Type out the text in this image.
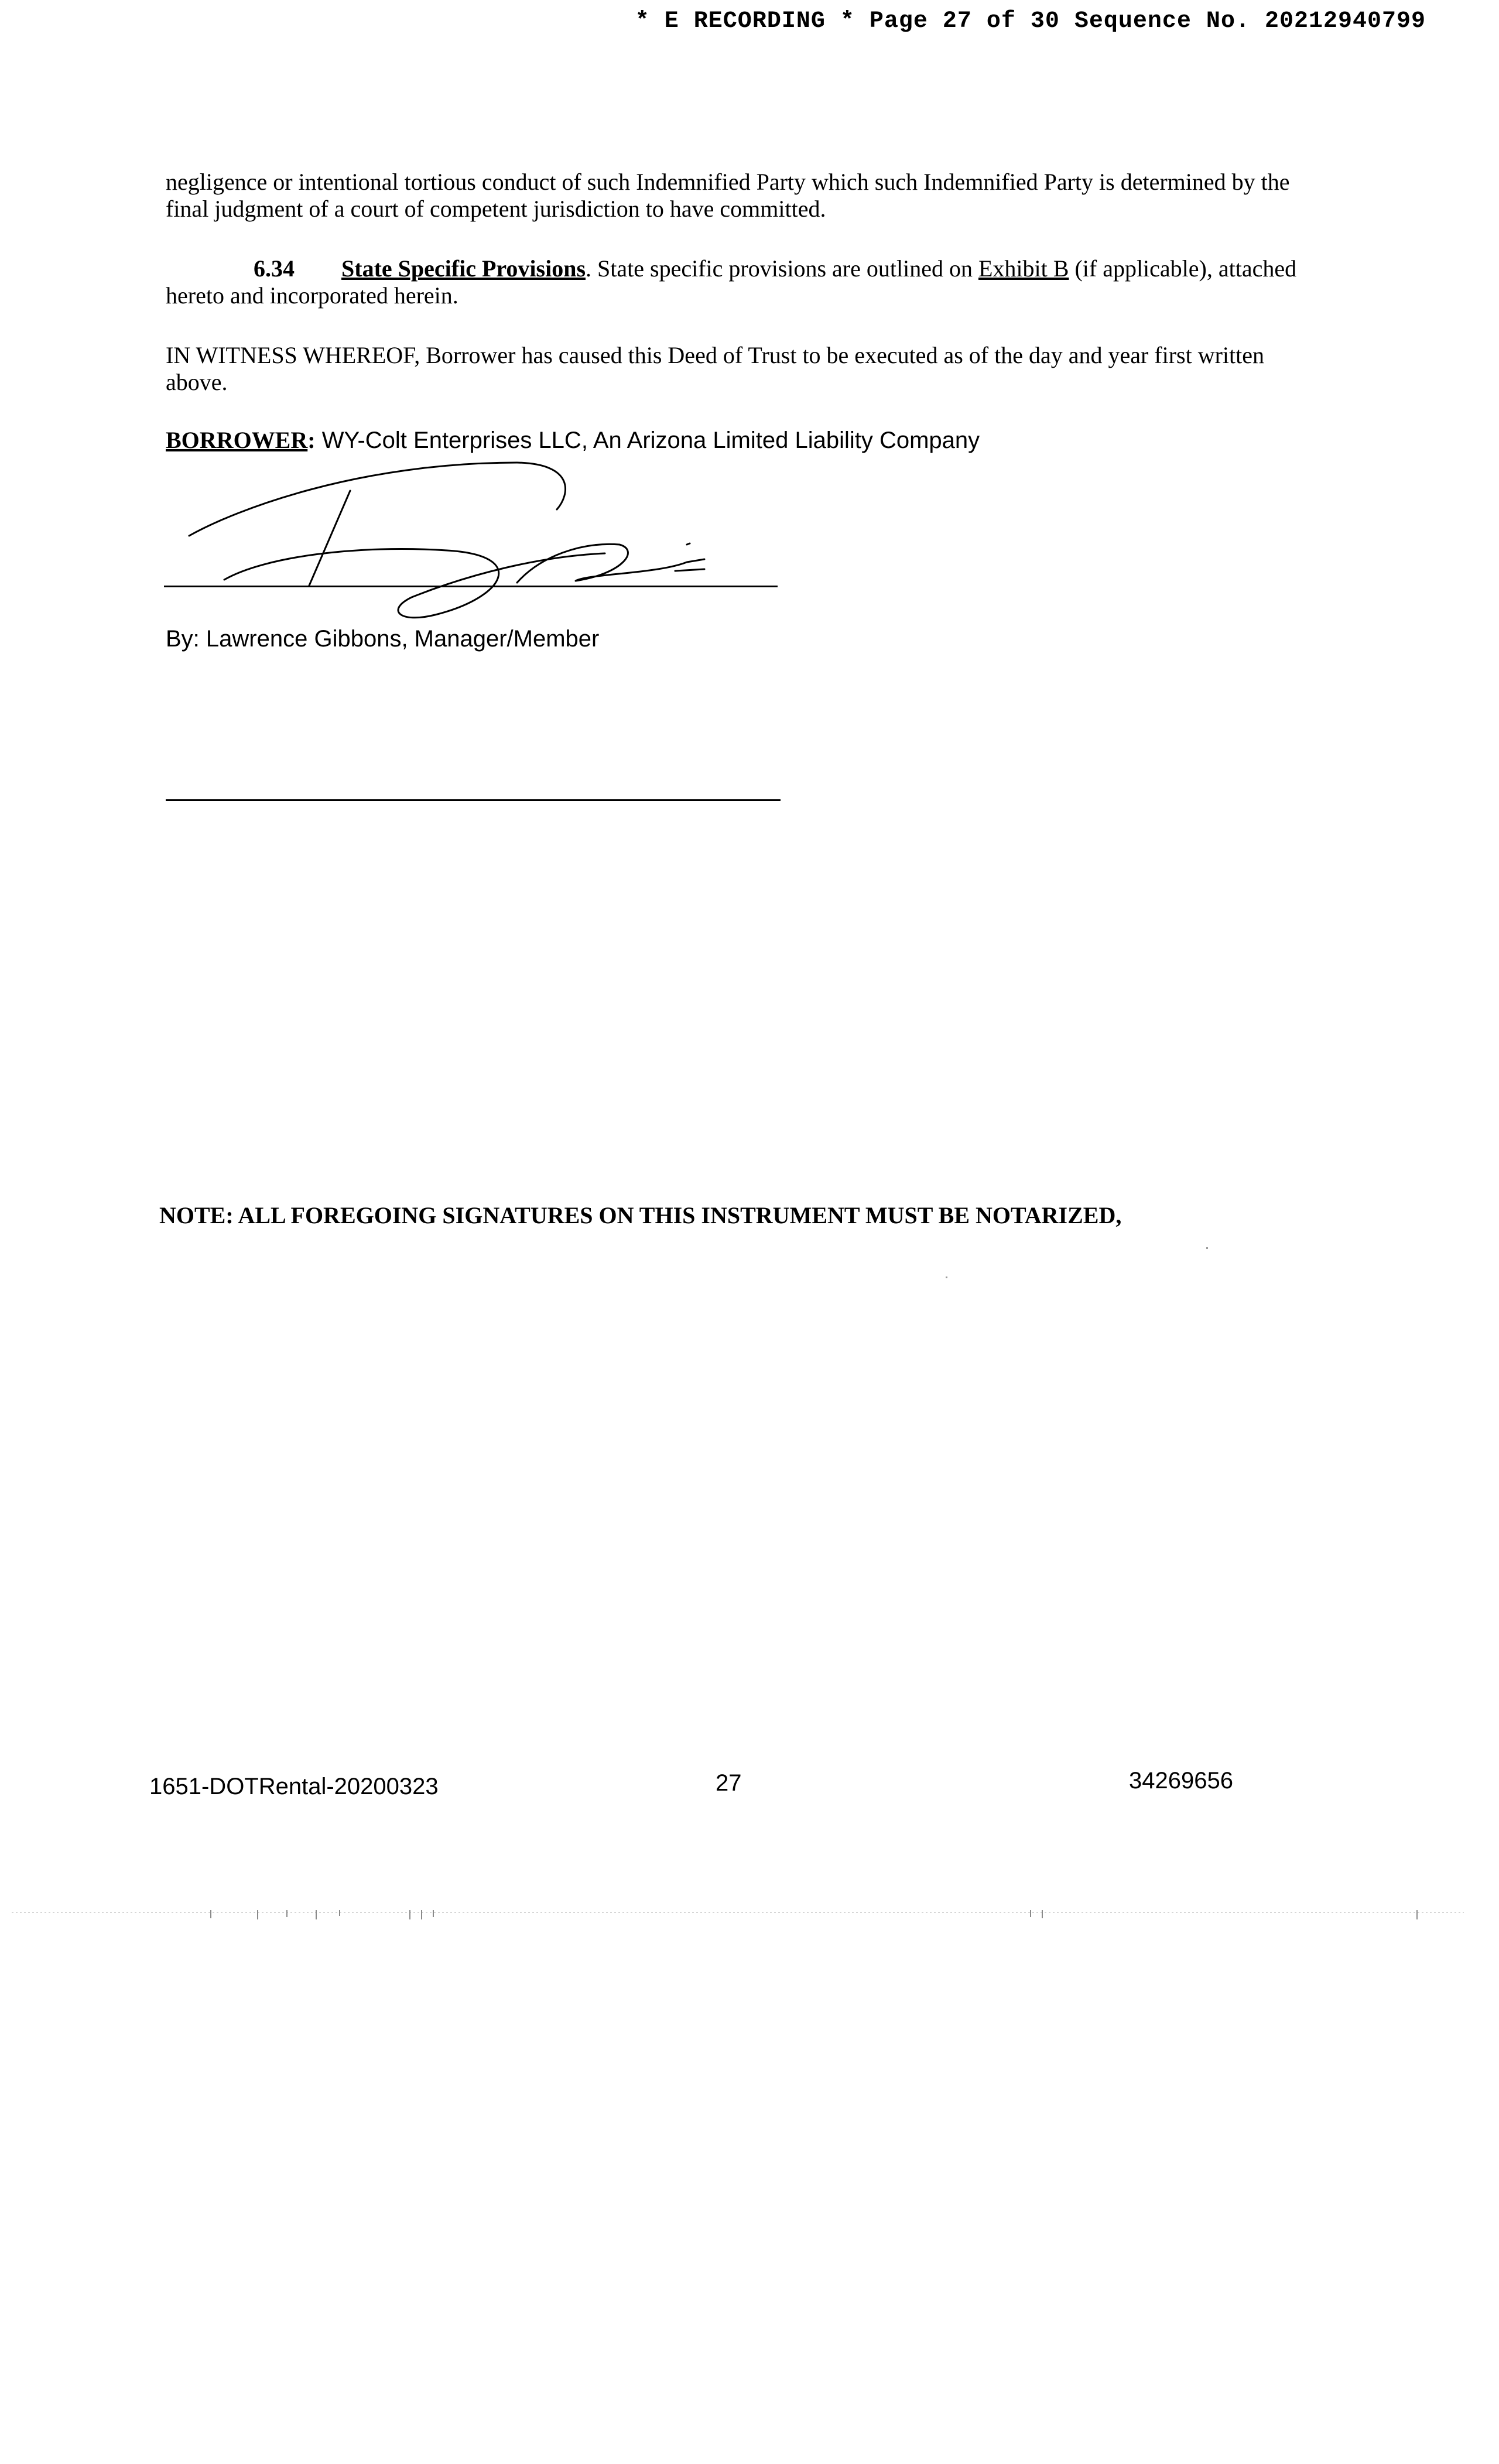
* E RECORDING * Page 27 of 30 Sequence No. 20212940799

negligence or intentional tortious conduct of such Indemnified Party which such Indemnified Party is determined by the final judgment of a court of competent jurisdiction to have committed.

6.34 State Specific Provisions. State specific provisions are outlined on Exhibit B (if applicable), attached hereto and incorporated herein.

IN WITNESS WHEREOF, Borrower has caused this Deed of Trust to be executed as of the day and year first written above.

BORROWER: WY-Colt Enterprises LLC, An Arizona Limited Liability Company
By: Lawrence Gibbons, Manager/Member
NOTE: ALL FOREGOING SIGNATURES ON THIS INSTRUMENT MUST BE NOTARIZED,
1651-DOTRental-20200323	27	34269656
